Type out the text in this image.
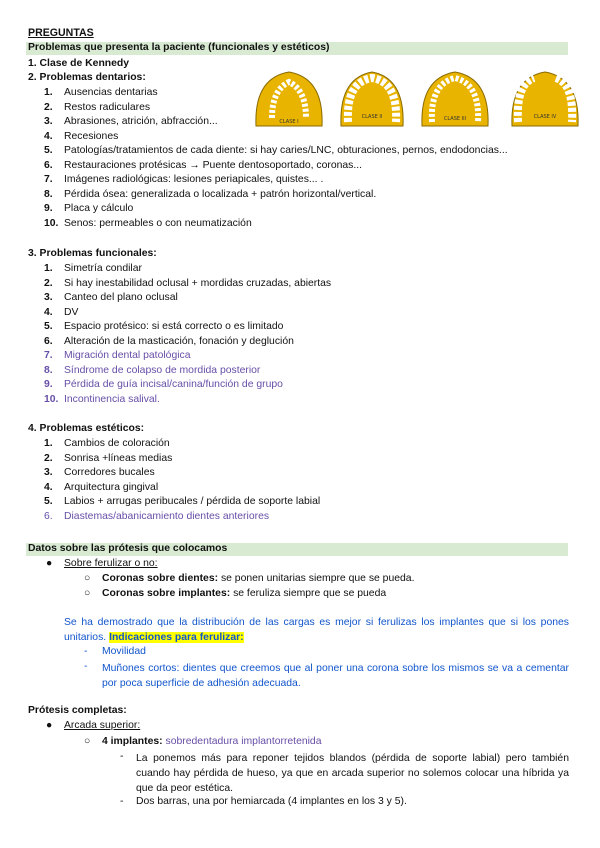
PREGUNTAS
Problemas que presenta la paciente (funcionales y estéticos)
1. Clase de Kennedy
2. Problemas dentarios:
1. Ausencias dentarias
2. Restos radiculares
3. Abrasiones, atrición, abfracción...
4. Recesiones
5. Patologías/tratamientos de cada diente: si hay caries/LNC, obturaciones, pernos, endodoncias...
6. Restauraciones protésicas → Puente dentosoportado, coronas...
7. Imágenes radiológicas: lesiones periapicales, quistes... .
8. Pérdida ósea: generalizada o localizada + patrón horizontal/vertical.
9. Placa y cálculo
10. Senos: permeables o con neumatización
CLASE I
CLASE II	CLASE III	CLASE IV
3. Problemas funcionales:
1. Simetría condilar
2. Si hay inestabilidad oclusal + mordidas cruzadas, abiertas
3. Canteo del plano oclusal
4. DV
5. Espacio protésico: si está correcto o es limitado
6. Alteración de la masticación, fonación y deglución
7. Migración dental patológica
8. Síndrome de colapso de mordida posterior
9. Pérdida de guía incisal/canina/función de grupo
10. Incontinencia salival.
4. Problemas estéticos:
1. Cambios de coloración
2. Sonrisa +líneas medias
3. Corredores bucales
4. Arquitectura gingival
5. Labios + arrugas peribucales / pérdida de soporte labial
6. Diastemas/abanicamiento dientes anteriores
Datos sobre las prótesis que colocamos
● Sobre ferulizar o no:
○ Coronas sobre dientes: se ponen unitarias siempre que se pueda.
○ Coronas sobre implantes: se feruliza siempre que se pueda
Se ha demostrado que la distribución de las cargas es mejor si ferulizas los implantes que si los pones unitarios. Indicaciones para ferulizar:
- Movilidad
- Muñones cortos: dientes que creemos que al poner una corona sobre los mismos se va a cementar por poca superficie de adhesión adecuada.
Prótesis completas:
● Arcada superior:
○ 4 implantes: sobredentadura implantorretenida
- La ponemos más para reponer tejidos blandos (pérdida de soporte labial) pero también cuando hay pérdida de hueso, ya que en arcada superior no solemos colocar una híbrida ya que da peor estética.
- Dos barras, una por hemiarcada (4 implantes en los 3 y 5).
